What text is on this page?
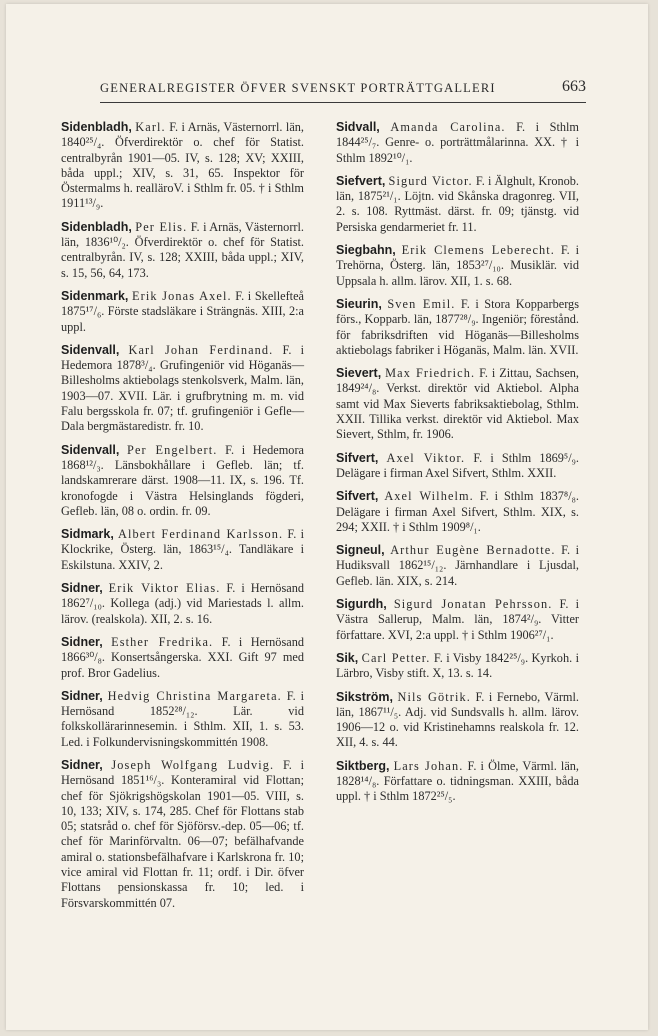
GENERALREGISTER ÖFVER SVENSKT PORTRÄTTGALLERI	663
Sidenbladh, Karl. F. i Arnäs, Västernorrl. län, 1840²⁵/₄. Öfverdirektör o. chef för Statist. centralbyrån 1901—05. IV, s. 128; XV; XXIII, båda uppl.; XIV, s. 31, 65. Inspektor för Östermalms h. realläroV. i Sthlm fr. 05. † i Sthlm 1911¹³/₉.
Sidenbladh, Per Elis. F. i Arnäs, Västernorrl. län, 1836¹⁰/₂. Öfverdirektör o. chef för Statist. centralbyrån. IV, s. 128; XXIII, båda uppl.; XIV, s. 15, 56, 64, 173.
Sidenmark, Erik Jonas Axel. F. i Skellefteå 1875¹⁷/₆. Förste stadsläkare i Strängnäs. XIII, 2:a uppl.
Sidenvall, Karl Johan Ferdinand. F. i Hedemora 1878³/₄. Grufingeniör vid Höganäs—Billesholms aktiebolags stenkolsverk, Malm. län, 1903—07. XVII. Lär. i grufbrytning m. m. vid Falu bergsskola fr. 07; tf. grufingeniör i Gefle—Dala bergmästaredistr. fr. 10.
Sidenvall, Per Engelbert. F. i Hedemora 1868¹²/₃. Länsbokhållare i Gefleb. län; tf. landskamrerare därst. 1908—11. IX, s. 196. Tf. kronofogde i Västra Helsinglands fögderi, Gefleb. län, 08 o. ordin. fr. 09.
Sidmark, Albert Ferdinand Karlsson. F. i Klockrike, Österg. län, 1863¹⁵/₄. Tandläkare i Eskilstuna. XXIV, 2.
Sidner, Erik Viktor Elias. F. i Hernösand 1862⁷/₁₀. Kollega (adj.) vid Mariestads l. allm. lärov. (realskola). XII, 2. s. 16.
Sidner, Esther Fredrika. F. i Hernösand 1866³⁰/₈. Konsertsångerska. XXI. Gift 97 med prof. Bror Gadelius.
Sidner, Hedvig Christina Margareta. F. i Hernösand 1852²⁸/₁₂. Lär. vid folkskollärarinnesemin. i Sthlm. XII, 1. s. 53. Led. i Folkundervisningskommittén 1908.
Sidner, Joseph Wolfgang Ludvig. F. i Hernösand 1851¹⁶/₃. Konteramiral vid Flottan; chef för Sjökrigshögskolan 1901—05. VIII, s. 10, 133; XIV, s. 174, 285. Chef för Flottans stab 05; statsråd o. chef för Sjöförsv.-dep. 05—06; tf. chef för Marinförvaltn. 06—07; befälhafvande amiral o. stationsbefälhafvare i Karlskrona fr. 10; vice amiral vid Flottan fr. 11; ordf. i Dir. öfver Flottans pensionskassa fr. 10; led. i Försvarskommittén 07.
Sidvall, Amanda Carolina. F. i Sthlm 1844²⁵/₇. Genre- o. porträttmålarinna. XX. † i Sthlm 1892¹⁰/₁.
Siefvert, Sigurd Victor. F. i Älghult, Kronob. län, 1875²¹/₁. Löjtn. vid Skånska dragonreg. VII, 2. s. 108. Ryttmäst. därst. fr. 09; tjänstg. vid Persiska gendarmeriet fr. 11.
Siegbahn, Erik Clemens Leberecht. F. i Trehörna, Österg. län, 1853²⁷/₁₀. Musiklär. vid Uppsala h. allm. lärov. XII, 1. s. 68.
Sieurin, Sven Emil. F. i Stora Kopparbergs förs., Kopparb. län, 1877²⁸/₉. Ingeniör; förestånd. för fabriksdriften vid Höganäs—Billesholms aktiebolags fabriker i Höganäs, Malm. län. XVII.
Sievert, Max Friedrich. F. i Zittau, Sachsen, 1849²⁴/₈. Verkst. direktör vid Aktiebol. Alpha samt vid Max Sieverts fabriksaktiebolag, Sthlm. XXII. Tillika verkst. direktör vid Aktiebol. Max Sievert, Sthlm, fr. 1906.
Sifvert, Axel Viktor. F. i Sthlm 1869⁵/₉. Delägare i firman Axel Sifvert, Sthlm. XXII.
Sifvert, Axel Wilhelm. F. i Sthlm 1837⁸/₈. Delägare i firman Axel Sifvert, Sthlm. XIX, s. 294; XXII. † i Sthlm 1909⁸/₁.
Signeul, Arthur Eugène Bernadotte. F. i Hudiksvall 1862¹⁵/₁₂. Järnhandlare i Ljusdal, Gefleb. län. XIX, s. 214.
Sigurdh, Sigurd Jonatan Pehrsson. F. i Västra Sallerup, Malm. län, 1874²/₉. Vitter författare. XVI, 2:a uppl. † i Sthlm 1906²⁷/₁.
Sik, Carl Petter. F. i Visby 1842²⁵/₉. Kyrkoh. i Lärbro, Visby stift. X, 13. s. 14.
Sikström, Nils Götrik. F. i Fernebo, Värml. län, 1867¹¹/₅. Adj. vid Sundsvalls h. allm. lärov. 1906—12 o. vid Kristinehamns realskola fr. 12. XII, 4. s. 44.
Siktberg, Lars Johan. F. i Ölme, Värml. län, 1828¹⁴/₈. Författare o. tidningsman. XXIII, båda uppl. † i Sthlm 1872²⁵/₅.
